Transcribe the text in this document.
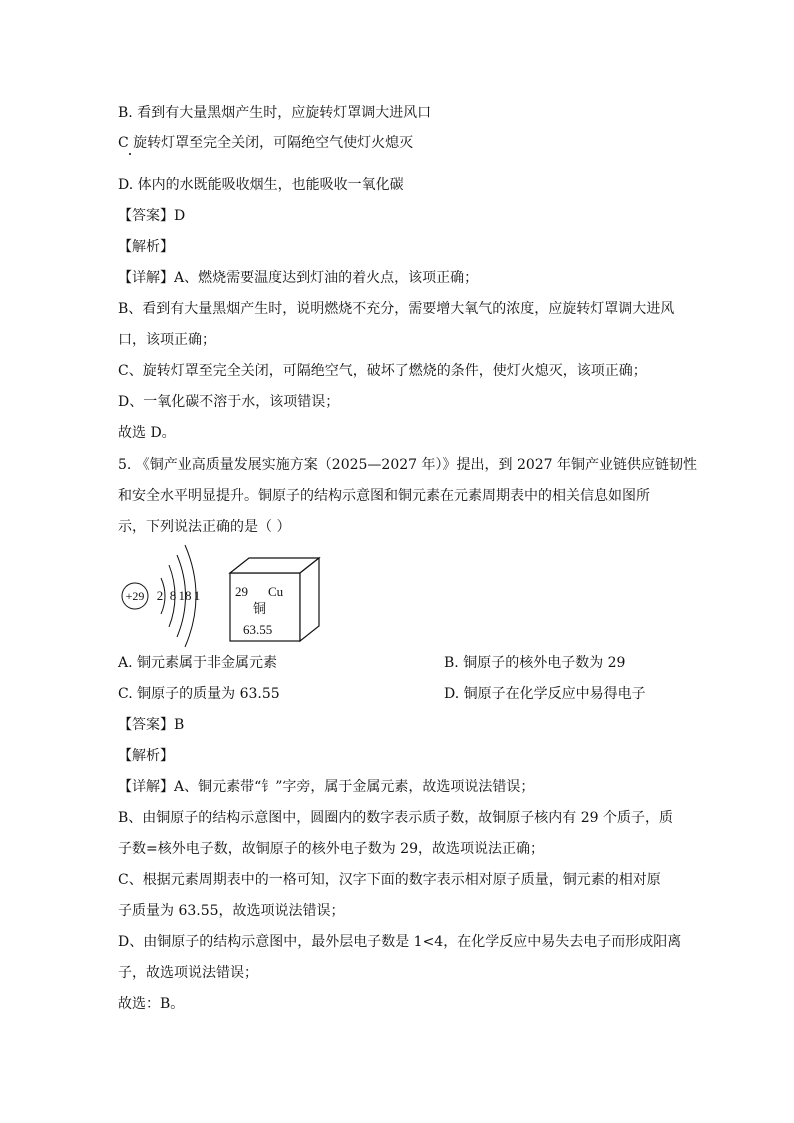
B. 看到有大量黑烟产生时，应旋转灯罩调大进风口
C 旋转灯罩至完全关闭，可隔绝空气使灯火熄灭
D. 体内的水既能吸收烟生，也能吸收一氧化碳
【答案】D
【解析】
【详解】A、燃烧需要温度达到灯油的着火点，该项正确；
B、看到有大量黑烟产生时，说明燃烧不充分，需要增大氧气的浓度，应旋转灯罩调大进风
口，该项正确；
C、旋转灯罩至完全关闭，可隔绝空气，破坏了燃烧的条件，使灯火熄灭，该项正确；
D、一氧化碳不溶于水，该项错误；
故选 D。
5. 《铜产业高质量发展实施方案（2025—2027 年）》提出，到 2027 年铜产业链供应链韧性
和安全水平明显提升。铜原子的结构示意图和铜元素在元素周期表中的相关信息如图所
示，下列说法正确的是（ ）
+29 2 8 18 1	29 Cu
铜
63.55
A. 铜元素属于非金属元素	B. 铜原子的核外电子数为 29
C. 铜原子的质量为 63.55	D. 铜原子在化学反应中易得电子
【答案】B
【解析】
【详解】A、铜元素带“钅”字旁，属于金属元素，故选项说法错误；
B、由铜原子的结构示意图中，圆圈内的数字表示质子数，故铜原子核内有 29 个质子，质
子数=核外电子数，故铜原子的核外电子数为 29，故选项说法正确；
C、根据元素周期表中的一格可知，汉字下面的数字表示相对原子质量，铜元素的相对原
子质量为 63.55，故选项说法错误；
D、由铜原子的结构示意图中，最外层电子数是 1<4，在化学反应中易失去电子而形成阳离
子，故选项说法错误；
故选：B。
